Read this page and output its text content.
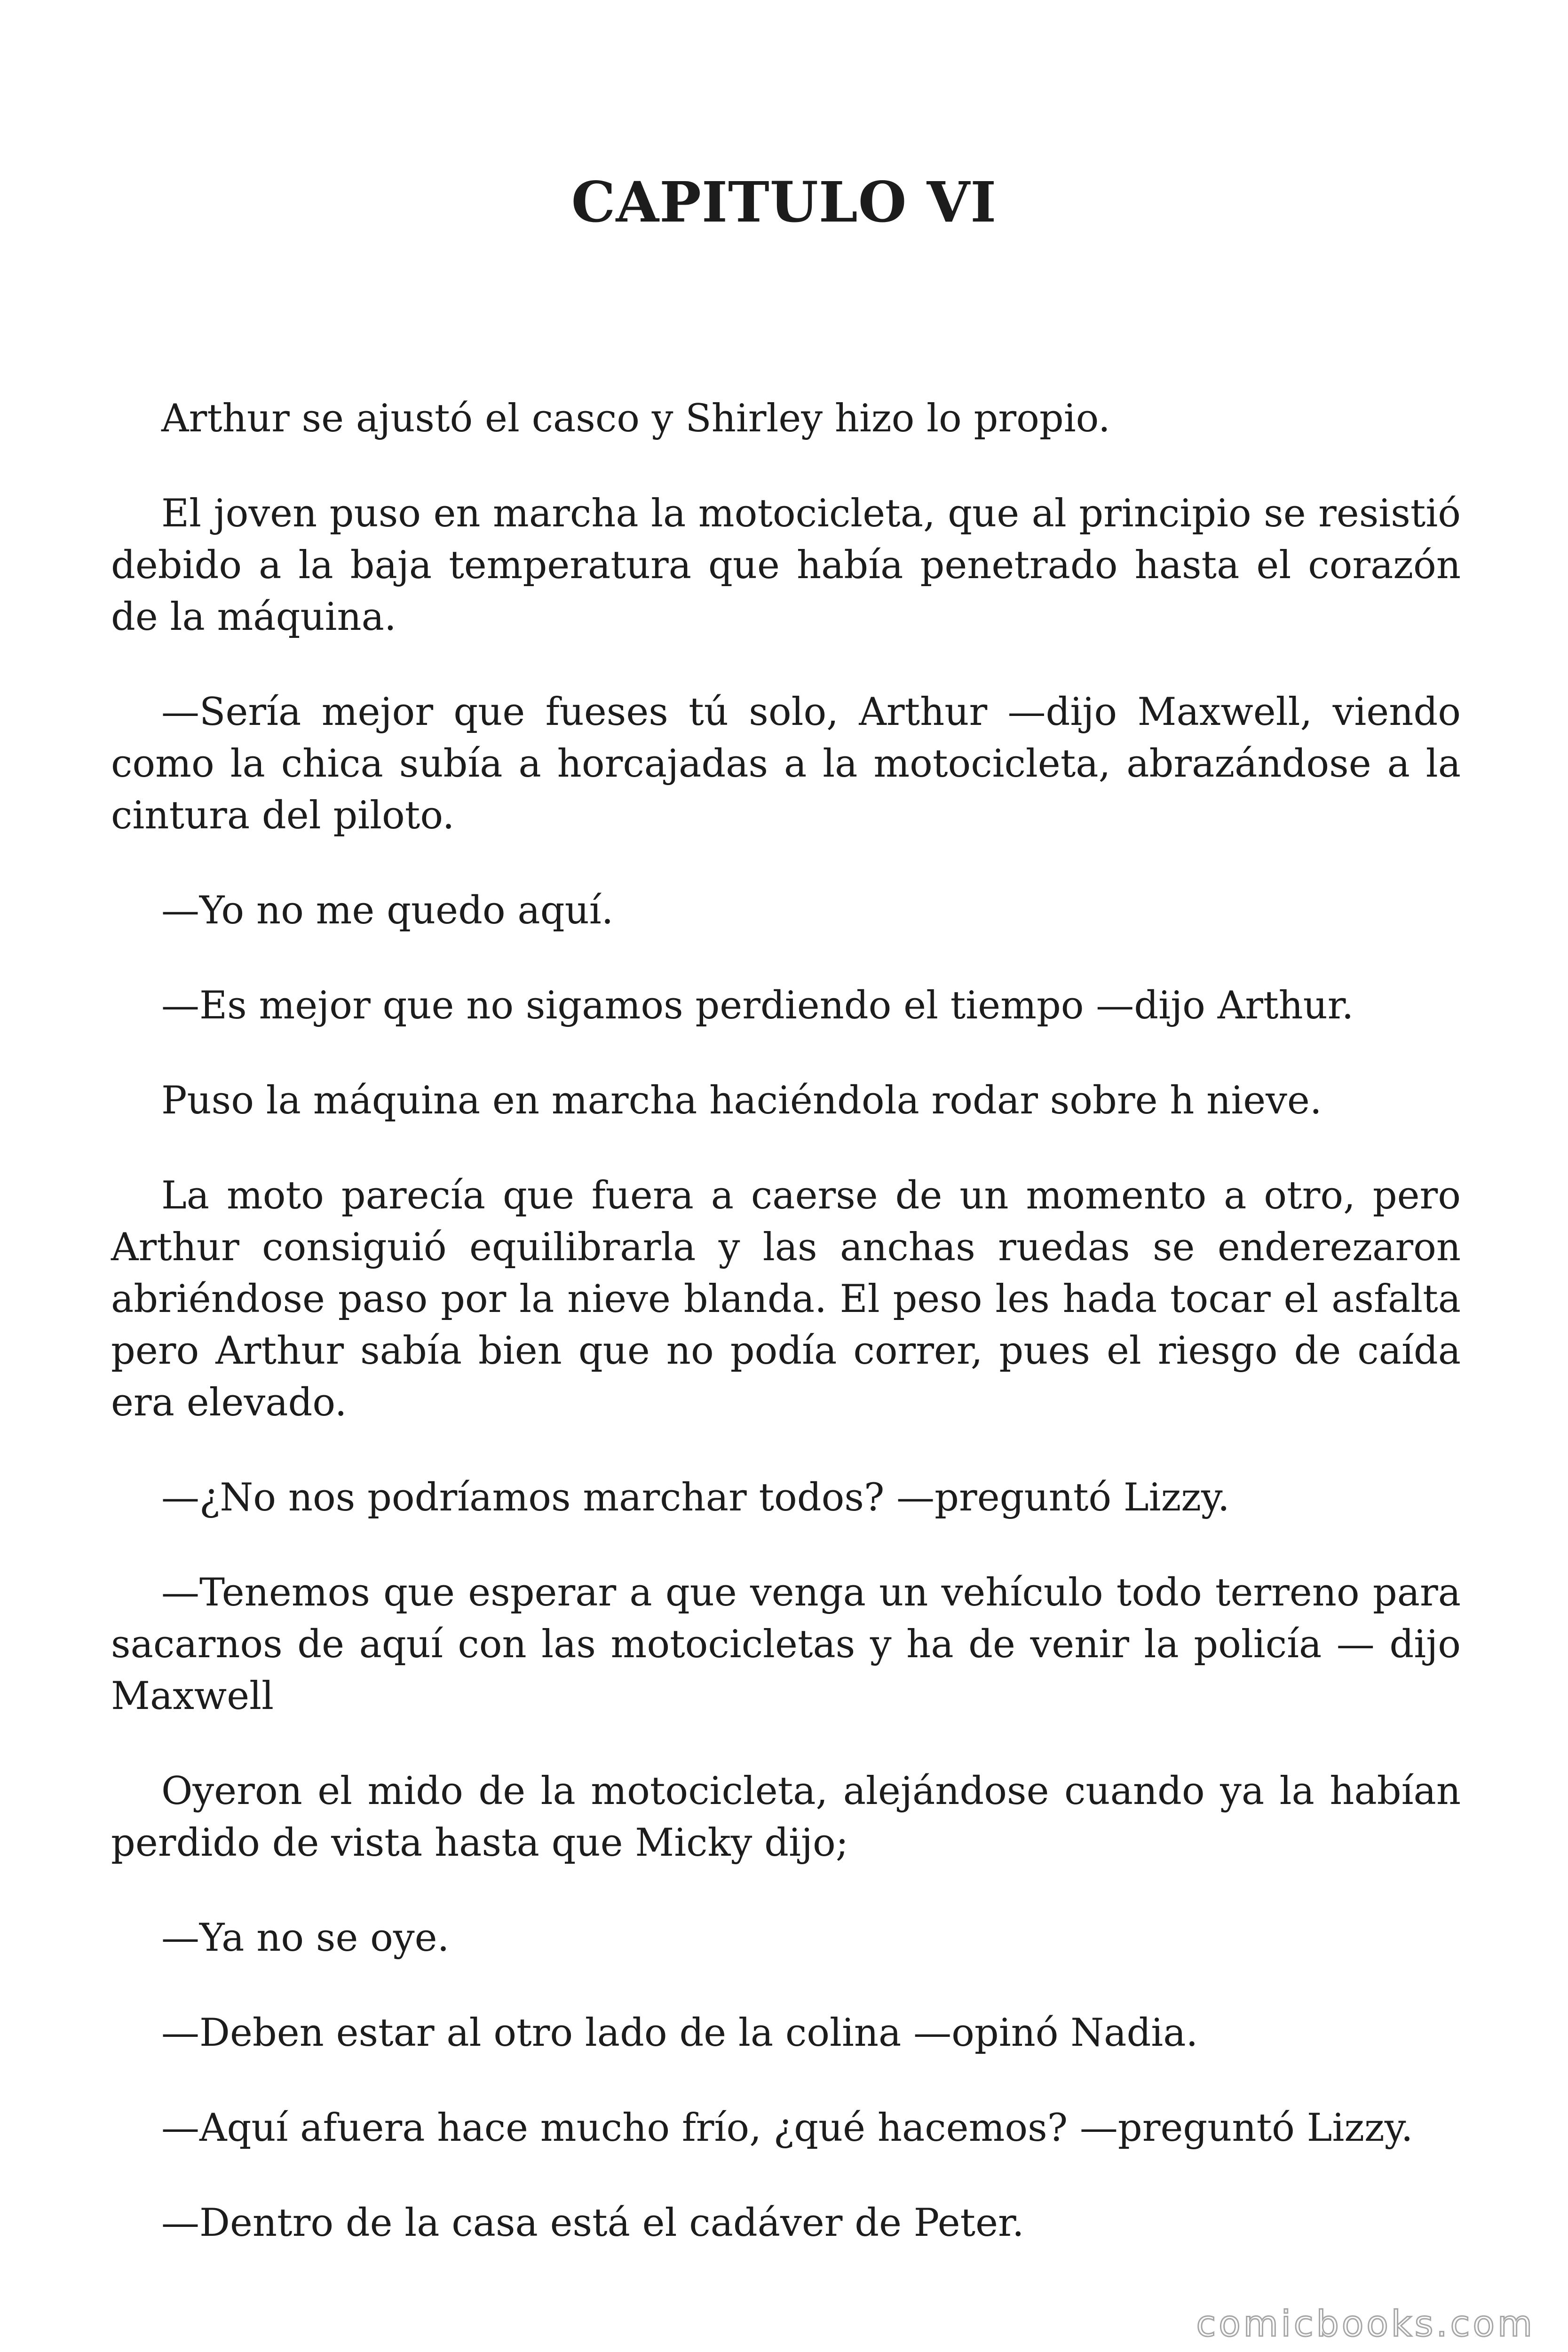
CAPITULO VI

Arthur se ajustó el casco y Shirley hizo lo propio.

El joven puso en marcha la motocicleta, que al principio se resistió debido a la baja temperatura que había penetrado hasta el corazón de la máquina.

—Sería mejor que fueses tú solo, Arthur —dijo Maxwell, viendo como la chica subía a horcajadas a la motocicleta, abrazándose a la cintura del piloto.

—Yo no me quedo aquí.

—Es mejor que no sigamos perdiendo el tiempo —dijo Arthur.

Puso la máquina en marcha haciéndola rodar sobre h nieve.

La moto parecía que fuera a caerse de un momento a otro, pero Arthur consiguió equilibrarla y las anchas ruedas se enderezaron abriéndose paso por la nieve blanda. El peso les hada tocar el asfalta pero Arthur sabía bien que no podía correr, pues el riesgo de caída era elevado.

—¿No nos podríamos marchar todos? —preguntó Lizzy.

—Tenemos que esperar a que venga un vehículo todo terreno para sacarnos de aquí con las motocicletas y ha de venir la policía — dijo Maxwell

Oyeron el mido de la motocicleta, alejándose cuando ya la habían perdido de vista hasta que Micky dijo;

—Ya no se oye.

—Deben estar al otro lado de la colina —opinó Nadia.

—Aquí afuera hace mucho frío, ¿qué hacemos? —preguntó Lizzy.

—Dentro de la casa está el cadáver de Peter.

comicbooks.com
